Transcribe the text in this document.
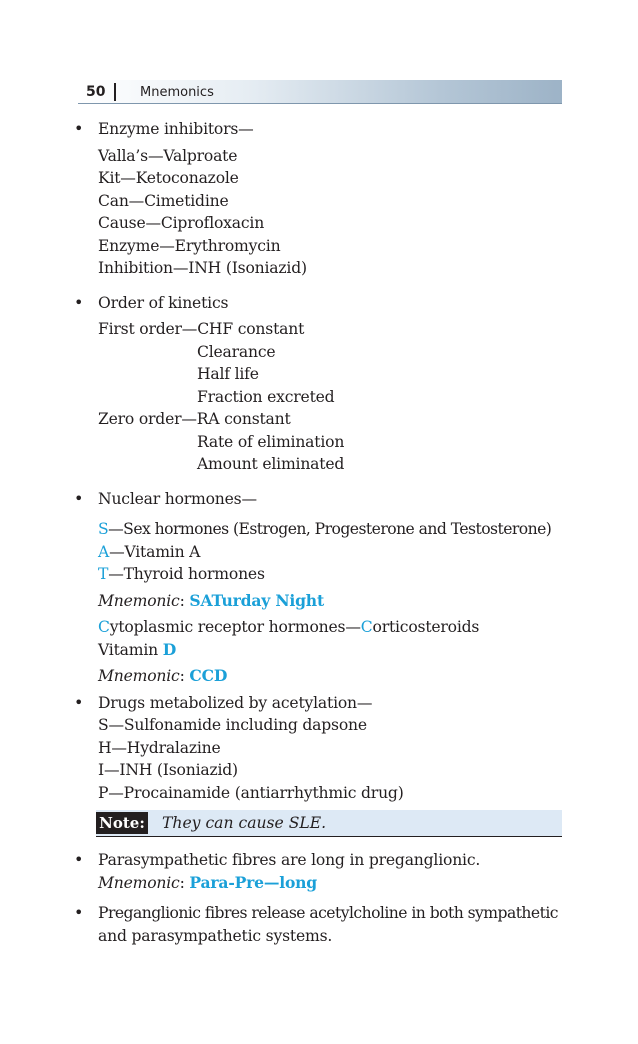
50	Mnemonics
• Enzyme inhibitors—
Valla’s—Valproate
Kit—Ketoconazole
Can—Cimetidine
Cause—Ciprofloxacin
Enzyme—Erythromycin
Inhibition—INH (Isoniazid)
• Order of kinetics
First order—CHF constant
Clearance
Half life
Fraction excreted
Zero order—RA constant
Rate of elimination
Amount eliminated
• Nuclear hormones—
S—Sex hormones (Estrogen, Progesterone and Testosterone)
A—Vitamin A
T—Thyroid hormones
Mnemonic: SATurday Night
Cytoplasmic receptor hormones—Corticosteroids
Vitamin D
Mnemonic: CCD
• Drugs metabolized by acetylation—
S—Sulfonamide including dapsone
H—Hydralazine
I—INH (Isoniazid)
P—Procainamide (antiarrhythmic drug)
Note: They can cause SLE.
• Parasympathetic fibres are long in preganglionic.
Mnemonic: Para-Pre—long
• Preganglionic fibres release acetylcholine in both sympathetic
and parasympathetic systems.
